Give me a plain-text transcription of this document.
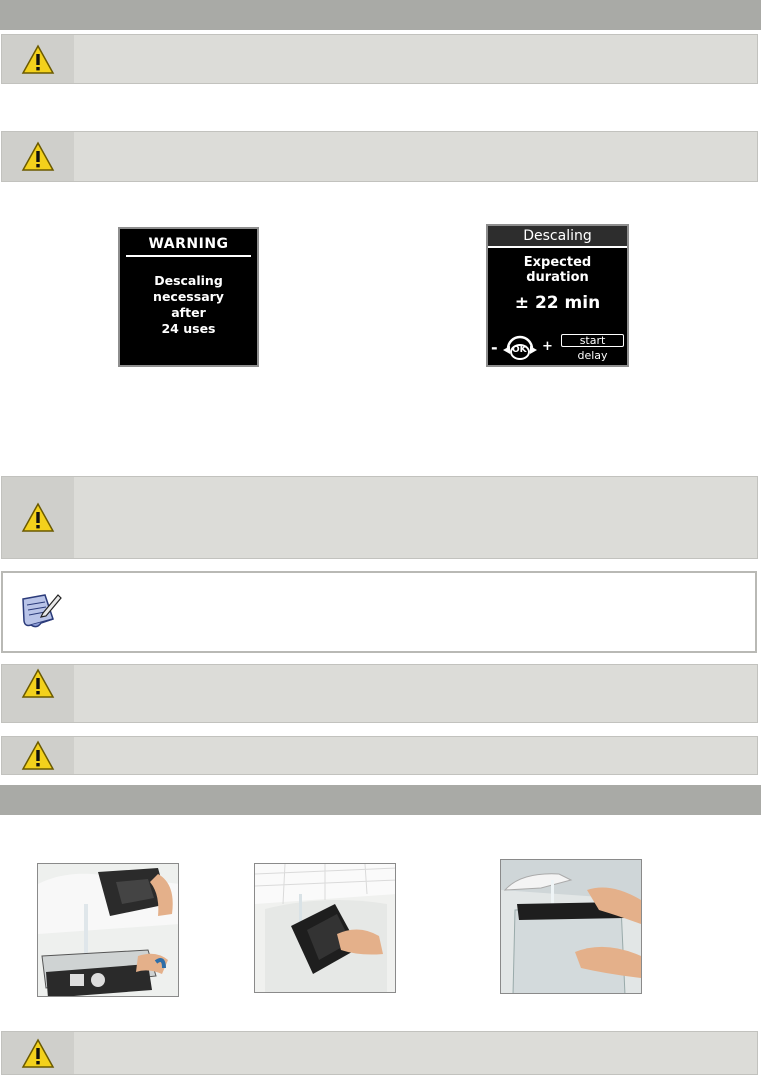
WARNING
Descaling
necessary
after
24 uses
Descaling
Expected
duration
± 22 min
- OK +	start
delay
